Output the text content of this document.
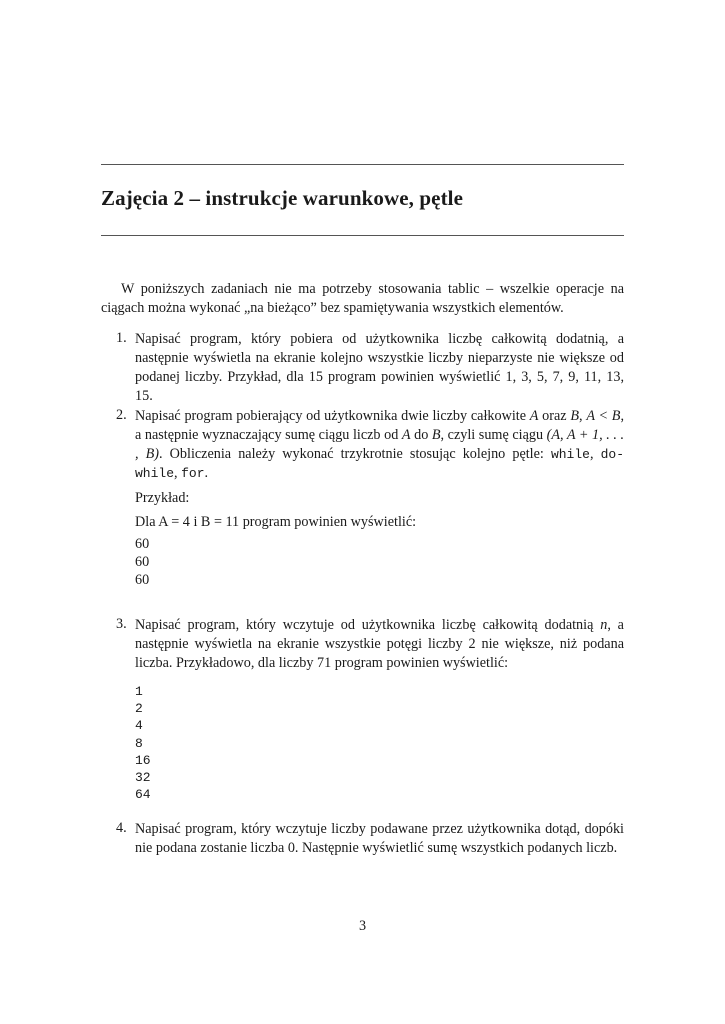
Zajęcia 2 – instrukcje warunkowe, pętle

W poniższych zadaniach nie ma potrzeby stosowania tablic – wszelkie operacje na ciągach można wykonać „na bieżąco” bez spamiętywania wszystkich elementów.

1. Napisać program, który pobiera od użytkownika liczbę całkowitą dodatnią, a następnie wyświetla na ekranie kolejno wszystkie liczby nieparzyste nie większe od podanej liczby. Przykład, dla 15 program powinien wyświetlić 1, 3, 5, 7, 9, 11, 13, 15.

2. Napisać program pobierający od użytkownika dwie liczby całkowite A oraz B, A < B, a następnie wyznaczający sumę ciągu liczb od A do B, czyli sumę ciągu (A, A + 1, . . . , B). Obliczenia należy wykonać trzykrotnie stosując kolejno pętle: while, do-while, for.

Przykład:

Dla A = 4 i B = 11 program powinien wyświetlić:

60
60
60
3. Napisać program, który wczytuje od użytkownika liczbę całkowitą dodatnią n, a następnie wyświetla na ekranie wszystkie potęgi liczby 2 nie większe, niż podana liczba. Przykładowo, dla liczby 71 program powinien wyświetlić:

1
2
4
8
16
32
64
4. Napisać program, który wczytuje liczby podawane przez użytkownika dotąd, dopóki nie podana zostanie liczba 0. Następnie wyświetlić sumę wszystkich podanych liczb.

3
